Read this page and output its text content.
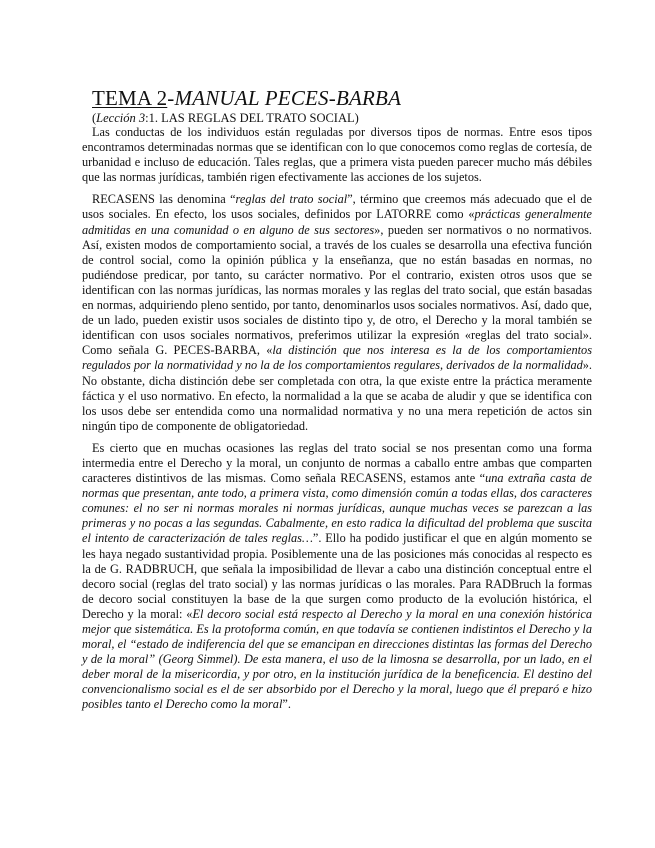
TEMA 2-MANUAL PECES-BARBA
(Lección 3:1. LAS REGLAS DEL TRATO SOCIAL)

Las conductas de los individuos están reguladas por diversos tipos de normas. Entre esos tipos encontramos determinadas normas que se identifican con lo que conocemos como reglas de cortesía, de urbanidad e incluso de educación. Tales reglas, que a primera vista pueden parecer mucho más débiles que las normas jurídicas, también rigen efectivamente las acciones de los sujetos.

RECASENS las denomina “reglas del trato social”, término que creemos más adecuado que el de usos sociales. En efecto, los usos sociales, definidos por LATORRE como «prácticas generalmente admitidas en una comunidad o en alguno de sus sectores», pueden ser normativos o no normativos. Así, existen modos de comportamiento social, a través de los cuales se desarrolla una efectiva función de control social, como la opinión pública y la enseñanza, que no están basadas en normas, no pudiéndose predicar, por tanto, su carácter normativo. Por el contrario, existen otros usos que se identifican con las normas jurídicas, las normas morales y las reglas del trato social, que están basadas en normas, adquiriendo pleno sentido, por tanto, denominarlos usos sociales normativos. Así, dado que, de un lado, pueden existir usos sociales de distinto tipo y, de otro, el Derecho y la moral también se identifican con usos sociales normativos, preferimos utilizar la expresión «reglas del trato social». Como señala G. PECES-BARBA, «la distinción que nos interesa es la de los comportamientos regulados por la normatividad y no la de los comportamientos regulares, derivados de la normalidad». No obstante, dicha distinción debe ser completada con otra, la que existe entre la práctica meramente fáctica y el uso normativo. En efecto, la normalidad a la que se acaba de aludir y que se identifica con los usos debe ser entendida como una normalidad normativa y no una mera repetición de actos sin ningún tipo de componente de obligatoriedad.

Es cierto que en muchas ocasiones las reglas del trato social se nos presentan como una forma intermedia entre el Derecho y la moral, un conjunto de normas a caballo entre ambas que comparten caracteres distintivos de las mismas. Como señala RECASENS, estamos ante “una extraña casta de normas que presentan, ante todo, a primera vista, como dimensión común a todas ellas, dos caracteres comunes: el no ser ni normas morales ni normas jurídicas, aunque muchas veces se parezcan a las primeras y no pocas a las segundas. Cabalmente, en esto radica la dificultad del problema que suscita el intento de caracterización de tales reglas…”. Ello ha podido justificar el que en algún momento se les haya negado sustantividad propia. Posiblemente una de las posiciones más conocidas al respecto es la de G. RADBRUCH, que señala la imposibilidad de llevar a cabo una distinción conceptual entre el decoro social (reglas del trato social) y las normas jurídicas o las morales. Para RADBruch la formas de decoro social constituyen la base de la que surgen como producto de la evolución histórica, el Derecho y la moral: «El decoro social está respecto al Derecho y la moral en una conexión histórica mejor que sistemática. Es la protoforma común, en que todavía se contienen indistintos el Derecho y la moral, el “estado de indiferencia del que se emancipan en direcciones distintas las formas del Derecho y de la moral” (Georg Simmel). De esta manera, el uso de la limosna se desarrolla, por un lado, en el deber moral de la misericordia, y por otro, en la institución jurídica de la beneficencia. El destino del convencionalismo social es el de ser absorbido por el Derecho y la moral, luego que él preparó e hizo posibles tanto el Derecho como la moral”.
